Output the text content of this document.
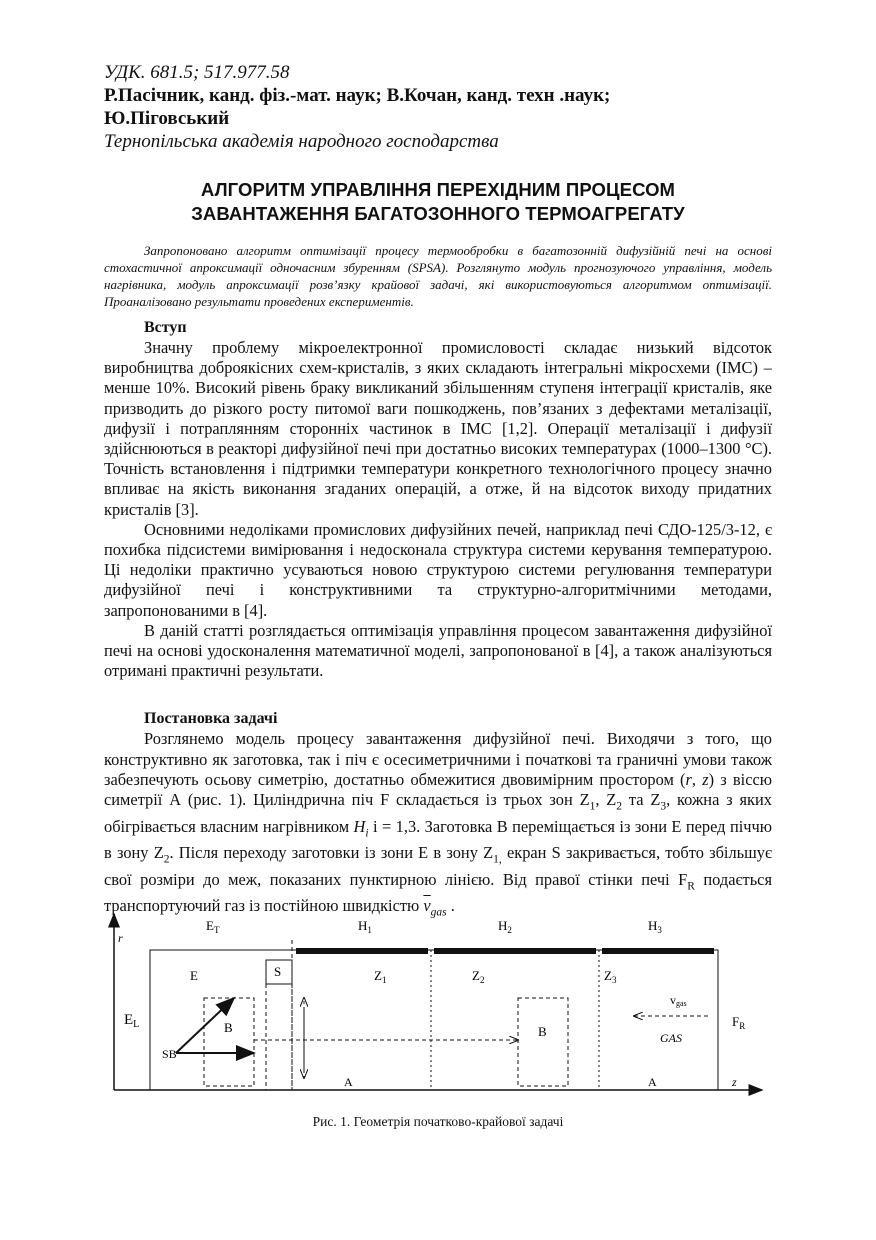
УДК. 681.5; 517.977.58

Р.Пасічник, канд. фіз.-мат. наук; В.Кочан, канд. техн .наук;

Ю.Піговський

Тернопільська академія народного господарства

АЛГОРИТМ УПРАВЛІННЯ ПЕРЕХІДНИМ ПРОЦЕСОМ
ЗАВАНТАЖЕННЯ БАГАТОЗОННОГО ТЕРМОАГРЕГАТУ

Запропоновано алгоритм оптимізації процесу термообробки в багатозонній дифузійній печі на основі стохастичної апроксимації одночасним збуренням (SPSA). Розглянуто модуль прогнозуючого управління, модель нагрівника, модуль апроксимації розв’язку крайової задачі, які використовуються алгоритмом оптимізації. Проаналізовано результати проведених експериментів.

Вступ

Значну проблему мікроелектронної промисловості складає низький відсоток виробництва доброякісних схем-кристалів, з яких складають інтегральні мікросхеми (ІМС) – менше 10%. Високий рівень браку викликаний збільшенням ступеня інтеграції кристалів, яке призводить до різкого росту питомої ваги пошкоджень, пов’язаних з дефектами металізації, дифузії і потраплянням сторонніх частинок в ІМС [1,2]. Операції металізації і дифузії здійснюються в реакторі дифузійної печі при достатньо високих температурах (1000–1300 °С). Точність встановлення і підтримки температури конкретного технологічного процесу значно впливає на якість виконання згаданих операцій, а отже, й на відсоток виходу придатних кристалів [3].

Основними недоліками промислових дифузійних печей, наприклад печі СДО-125/3-12, є похибка підсистеми вимірювання і недосконала структура системи керування температурою. Ці недоліки практично усуваються новою структурою системи регулювання температури дифузійної печі і конструктивними та структурно-алгоритмічними методами, запропонованими в [4].

В даній статті розглядається оптимізація управління процесом завантаження дифузійної печі на основі удосконалення математичної моделі, запропонованої в [4], а також аналізуються отримані практичні результати.

Постановка задачі

Розглянемо модель процесу завантаження дифузійної печі. Виходячи з того, що конструктивно як заготовка, так і піч є осесиметричними і початкові та граничні умови також забезпечують осьову симетрію, достатньо обмежитися двовимірним простором (r, z) з віссю симетрії А (рис. 1). Циліндрична піч F складається із трьох зон $Z_1$, $Z_2$ та $Z_3$, кожна з яких обігрівається власним нагрівником $H_i$ i = 1,3. Заготовка B переміщається із зони E перед піччю в зону $Z_2$. Після переходу заготовки із зони E в зону $Z_{1,}$ екран S закривається, тобто збільшує свої розміри до меж, показаних пунктирною лінією. Від правої стінки печі $F_R$ подається транспортуючий газ із постійною швидкістю $\overline{v}_{gas}$ .

$E_T$	$H_1$	$H_2$	$H_3$
r
E	S	$Z_1$	$Z_2$	$Z_3$
vgas
$E_L$	$F_R$
B	B
SB
GAS
A	A	z
Рис. 1. Геометрія початково-крайової задачі
